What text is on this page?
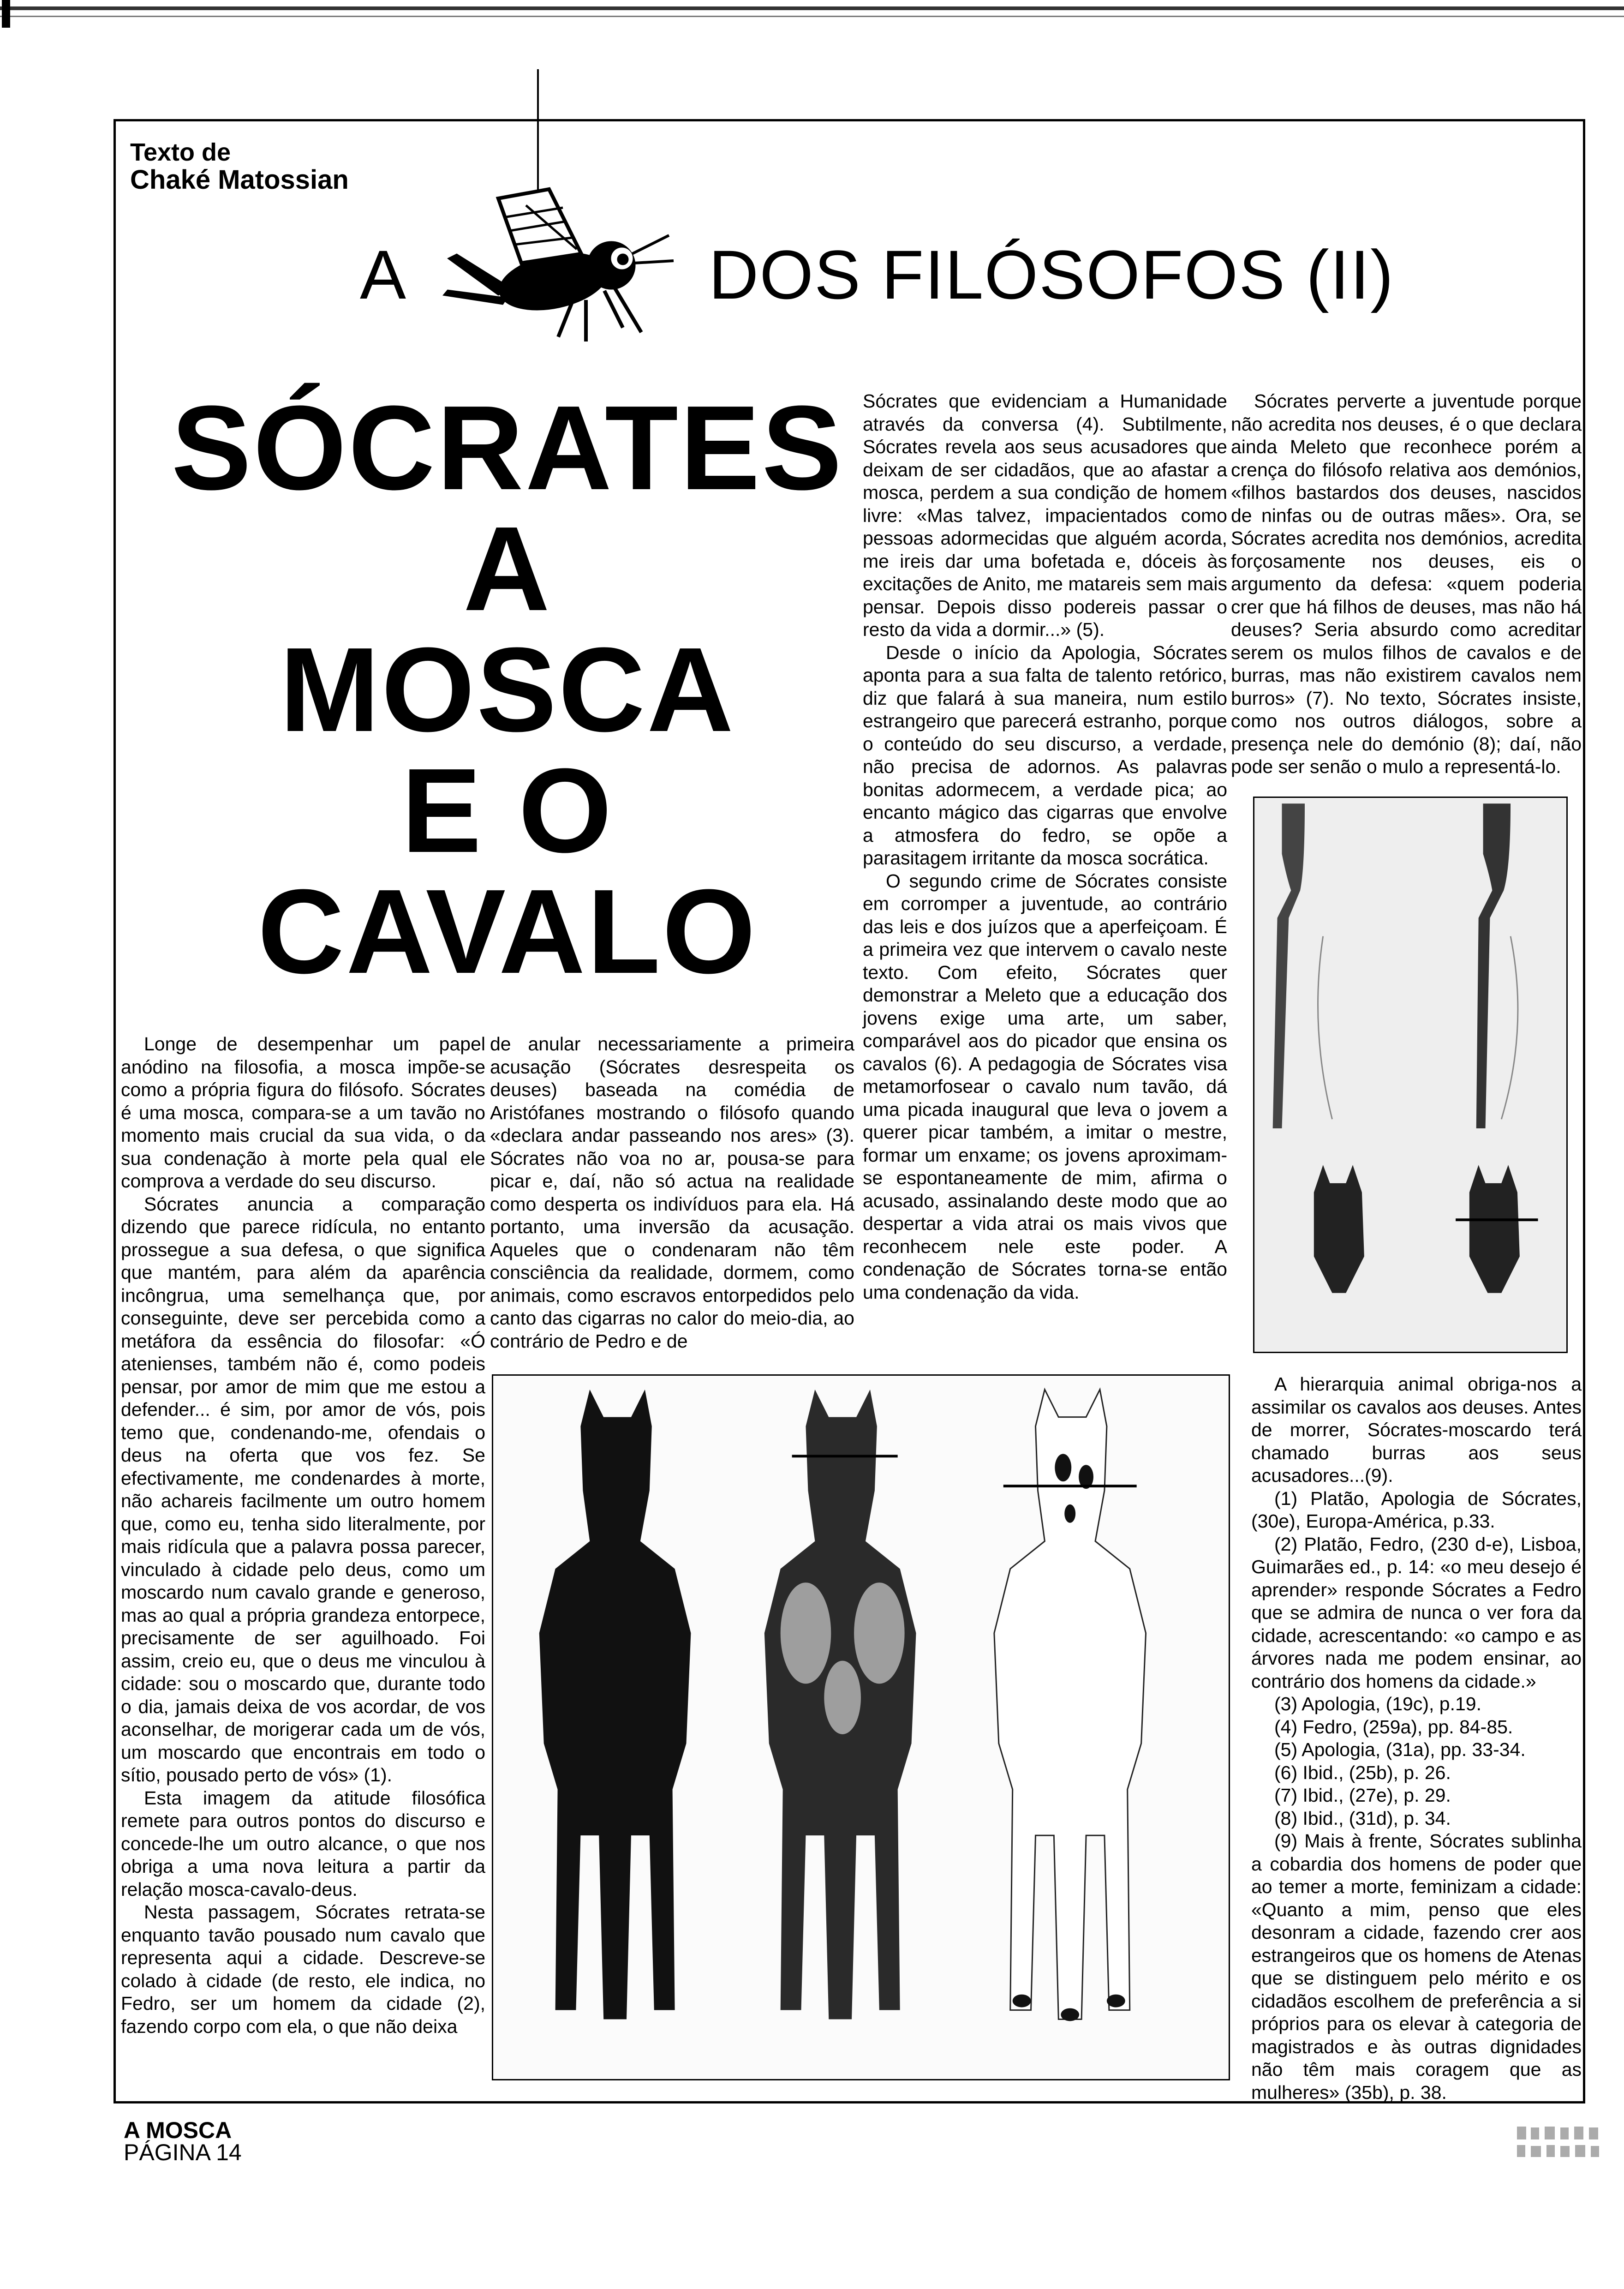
Texto de
Chaké Matossian
A	DOS FILÓSOFOS (II)
SÓCRATES
A
MOSCA
E O
CAVALO

Longe de desempenhar um papel anódino na filosofia, a mosca impõe-se como a própria figura do filósofo. Sócrates é uma mosca, compara-se a um tavão no momento mais crucial da sua vida, o da sua condenação à morte pela qual ele comprova a verdade do seu discurso.

Sócrates anuncia a comparação dizendo que parece ridícula, no entanto prossegue a sua defesa, o que significa que mantém, para além da aparência incôngrua, uma semelhança que, por conseguinte, deve ser percebida como a metáfora da essência do filosofar: «Ó atenienses, também não é, como podeis pensar, por amor de mim que me estou a defender... é sim, por amor de vós, pois temo que, condenando-me, ofendais o deus na oferta que vos fez. Se efectivamente, me condenardes à morte, não achareis facilmente um outro homem que, como eu, tenha sido literalmente, por mais ridícula que a palavra possa parecer, vinculado à cidade pelo deus, como um moscardo num cavalo grande e generoso, mas ao qual a própria grandeza entorpece, precisamente de ser aguilhoado. Foi assim, creio eu, que o deus me vinculou à cidade: sou o moscardo que, durante todo o dia, jamais deixa de vos acordar, de vos aconselhar, de morigerar cada um de vós, um moscardo que encontrais em todo o sítio, pousado perto de vós» (1).

Esta imagem da atitude filosófica remete para outros pontos do discurso e concede-lhe um outro alcance, o que nos obriga a uma nova leitura a partir da relação mosca-cavalo-deus.

Nesta passagem, Sócrates retrata-se enquanto tavão pousado num cavalo que representa aqui a cidade. Descreve-se colado à cidade (de resto, ele indica, no Fedro, ser um homem da cidade (2), fazendo corpo com ela, o que não deixa

de anular necessariamente a primeira acusação (Sócrates desrespeita os deuses) baseada na comédia de Aristófanes mostrando o filósofo quando «declara andar passeando nos ares» (3). Sócrates não voa no ar, pousa-se para picar e, daí, não só actua na realidade como desperta os indivíduos para ela. Há portanto, uma inversão da acusação. Aqueles que o condenaram não têm consciência da realidade, dormem, como animais, como escravos entorpedidos pelo canto das cigarras no calor do meio-dia, ao contrário de Pedro e de

Sócrates que evidenciam a Humanidade através da conversa (4). Subtilmente, Sócrates revela aos seus acusadores que deixam de ser cidadãos, que ao afastar a mosca, perdem a sua condição de homem livre: «Mas talvez, impacientados como pessoas adormecidas que alguém acorda, me ireis dar uma bofetada e, dóceis às excitações de Anito, me matareis sem mais pensar. Depois disso podereis passar o resto da vida a dormir...» (5).

Desde o início da Apologia, Sócrates aponta para a sua falta de talento retórico, diz que falará à sua maneira, num estilo estrangeiro que parecerá estranho, porque o conteúdo do seu discurso, a verdade, não precisa de adornos. As palavras bonitas adormecem, a verdade pica; ao encanto mágico das cigarras que envolve a atmosfera do fedro, se opõe a parasitagem irritante da mosca socrática.

O segundo crime de Sócrates consiste em corromper a juventude, ao contrário das leis e dos juízos que a aperfeiçoam. É a primeira vez que intervem o cavalo neste texto. Com efeito, Sócrates quer demonstrar a Meleto que a educação dos jovens exige uma arte, um saber, comparável aos do picador que ensina os cavalos (6). A pedagogia de Sócrates visa metamorfosear o cavalo num tavão, dá uma picada inaugural que leva o jovem a querer picar também, a imitar o mestre, formar um enxame; os jovens aproximam-se espontaneamente de mim, afirma o acusado, assinalando deste modo que ao despertar a vida atrai os mais vivos que reconhecem nele este poder. A condenação de Sócrates torna-se então uma condenação da vida.

Sócrates perverte a juventude porque não acredita nos deuses, é o que declara ainda Meleto que reconhece porém a crença do filósofo relativa aos demónios, «filhos bastardos dos deuses, nascidos de ninfas ou de outras mães». Ora, se Sócrates acredita nos demónios, acredita forçosamente nos deuses, eis o argumento da defesa: «quem poderia crer que há filhos de deuses, mas não há deuses? Seria absurdo como acreditar serem os mulos filhos de cavalos e de burras, mas não existirem cavalos nem burros» (7). No texto, Sócrates insiste, como nos outros diálogos, sobre a presença nele do demónio (8); daí, não pode ser senão o mulo a representá-lo.

A hierarquia animal obriga-nos a assimilar os cavalos aos deuses. Antes de morrer, Sócrates-moscardo terá chamado burras aos seus acusadores...(9).

(1) Platão, Apologia de Sócrates, (30e), Europa-América, p.33.

(2) Platão, Fedro, (230 d-e), Lisboa, Guimarães ed., p. 14: «o meu desejo é aprender» responde Sócrates a Fedro que se admira de nunca o ver fora da cidade, acrescentando: «o campo e as árvores nada me podem ensinar, ao contrário dos homens da cidade.»

(3) Apologia, (19c), p.19.

(4) Fedro, (259a), pp. 84-85.

(5) Apologia, (31a), pp. 33-34.

(6) Ibid., (25b), p. 26.

(7) Ibid., (27e), p. 29.

(8) Ibid., (31d), p. 34.

(9) Mais à frente, Sócrates sublinha a cobardia dos homens de poder que ao temer a morte, feminizam a cidade: «Quanto a mim, penso que eles desonram a cidade, fazendo crer aos estrangeiros que os homens de Atenas que se distinguem pelo mérito e os cidadãos escolhem de preferência a si próprios para os elevar à categoria de magistrados e às outras dignidades não têm mais coragem que as mulheres» (35b), p. 38.

A MOSCA
PÁGINA 14
